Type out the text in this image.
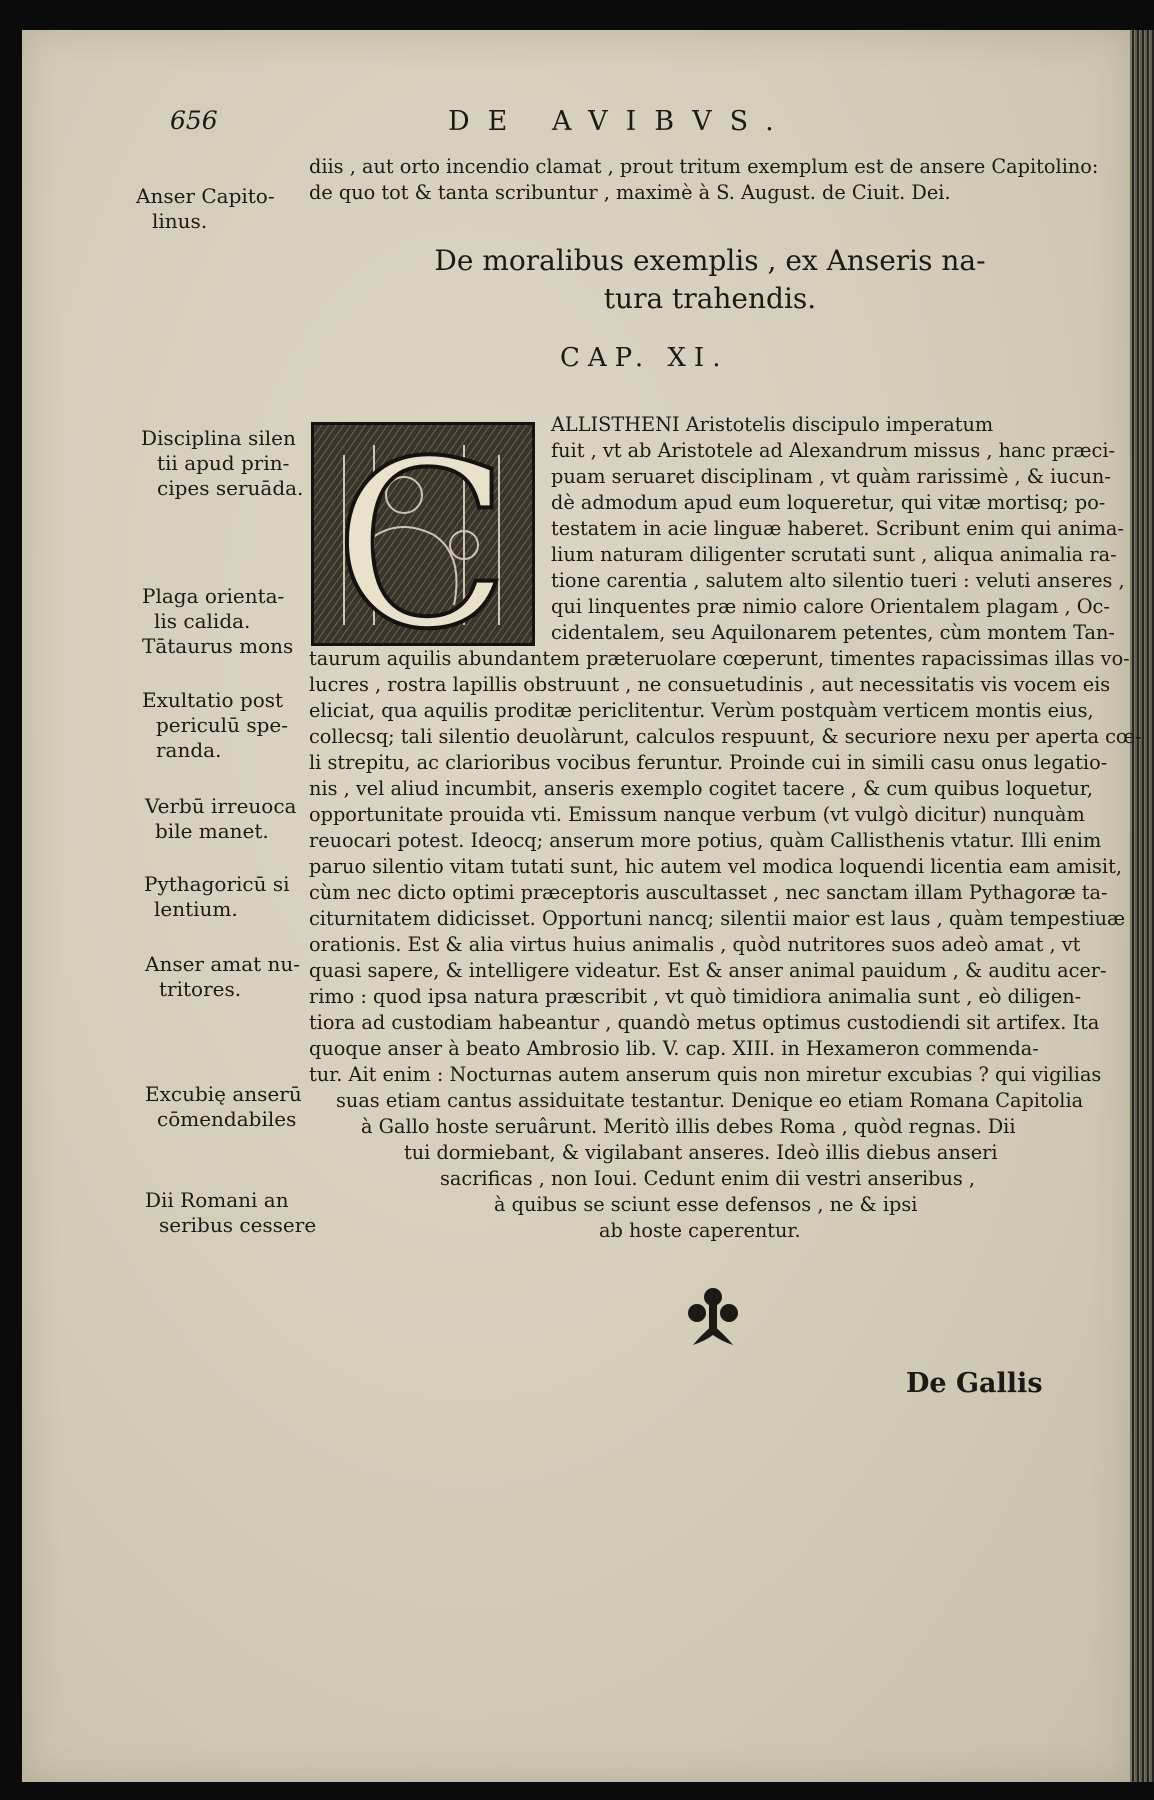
656	DE AVIBVS.
diis , aut orto incendio clamat , prout tritum exemplum est de ansere Capitolino:
de quo tot & tanta scribuntur , maximè à S. August. de Ciuit. Dei.
De moralibus exemplis , ex Anseris na-
tura trahendis.
CAP. XI.
C ALLISTHENI Aristotelis discipulo imperatum
fuit , vt ab Aristotele ad Alexandrum missus , hanc præci-
puam seruaret disciplinam , vt quàm rarissimè , & iucun-
dè admodum apud eum loqueretur, qui vitæ mortisq; po-
testatem in acie linguæ haberet. Scribunt enim qui anima-
lium naturam diligenter scrutati sunt , aliqua animalia ra-
tione carentia , salutem alto silentio tueri : veluti anseres ,
qui linquentes præ nimio calore Orientalem plagam , Oc-
cidentalem, seu Aquilonarem petentes, cùm montem Tan-
taurum aquilis abundantem præteruolare cœperunt, timentes rapacissimas illas vo-
lucres , rostra lapillis obstruunt , ne consuetudinis , aut necessitatis vis vocem eis
eliciat, qua aquilis proditæ periclitentur. Verùm postquàm verticem montis eius,
collecsq; tali silentio deuolàrunt, calculos respuunt, & securiore nexu per aperta cœ-
li strepitu, ac clarioribus vocibus feruntur. Proinde cui in simili casu onus legatio-
nis , vel aliud incumbit, anseris exemplo cogitet tacere , & cum quibus loquetur,
opportunitate prouida vti. Emissum nanque verbum (vt vulgò dicitur) nunquàm
reuocari potest. Ideocq; anserum more potius, quàm Callisthenis vtatur. Illi enim
paruo silentio vitam tutati sunt, hic autem vel modica loquendi licentia eam amisit,
cùm nec dicto optimi præceptoris auscultasset , nec sanctam illam Pythagoræ ta-
citurnitatem didicisset. Opportuni nancq; silentii maior est laus , quàm tempestiuæ
orationis. Est & alia virtus huius animalis , quòd nutritores suos adeò amat , vt
quasi sapere, & intelligere videatur. Est & anser animal pauidum , & auditu acer-
rimo : quod ipsa natura præscribit , vt quò timidiora animalia sunt , eò diligen-
tiora ad custodiam habeantur , quandò metus optimus custodiendi sit artifex. Ita
quoque anser à beato Ambrosio lib. V. cap. XIII. in Hexameron commenda-
tur. Ait enim : Nocturnas autem anserum quis non miretur excubias ? qui vigilias
suas etiam cantus assiduitate testantur. Denique eo etiam Romana Capitolia
à Gallo hoste seruârunt. Meritò illis debes Roma , quòd regnas. Dii
tui dormiebant, & vigilabant anseres. Ideò illis diebus anseri
sacrificas , non Ioui. Cedunt enim dii vestri anseribus ,
à quibus se sciunt esse defensos , ne & ipsi
ab hoste caperentur.
Anser Capito-
linus.
Disciplina silen
tii apud prin-
cipes seruāda.
Plaga orienta-
lis calida.
Tātaurus mons
Exultatio post
periculū spe-
randa.
Verbū irreuoca
bile manet.
Pythagoricū si
lentium.
Anser amat nu-
tritores.
Excubię anserū
cōmendabiles
Dii Romani an
seribus cessere
De Gallis
